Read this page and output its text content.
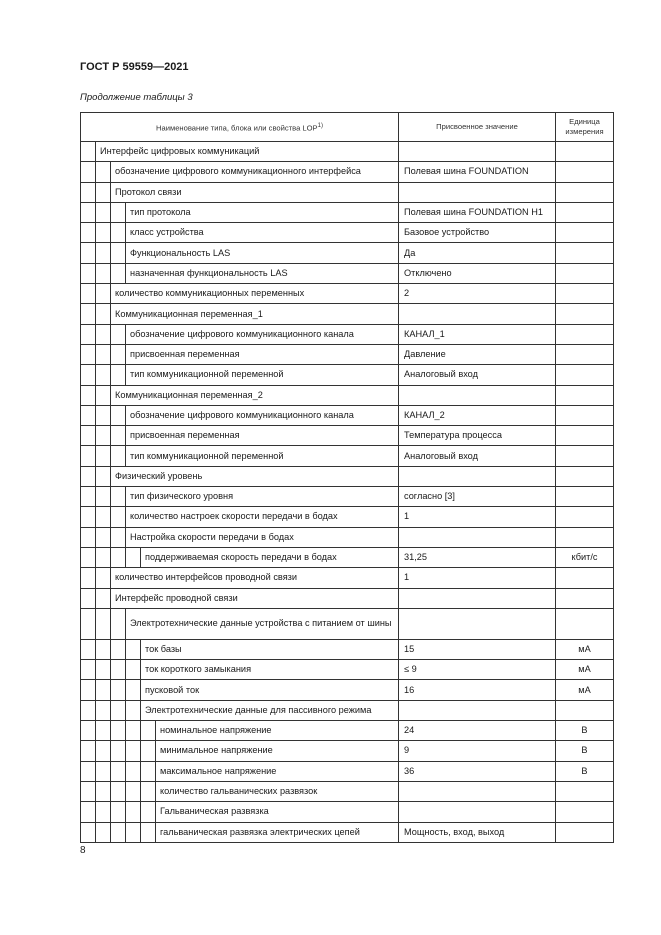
ГОСТ Р 59559—2021

Продолжение таблицы 3

Наименование типа, блока или свойства LOP$^{1)}$						Присвоенное значение	Единица измерения
	Интерфейс цифровых коммуникаций						
		обозначение цифрового коммуникационного интерфейса				Полевая шина FOUNDATION	
		Протокол связи					
			тип протокола			Полевая шина FOUNDATION H1	
			класс устройства			Базовое устройство	
			Функциональность LAS			Да	
			назначенная функциональность LAS			Отключено	
		количество коммуникационных переменных				2	
		Коммуникационная переменная_1					
			обозначение цифрового коммуникационного канала			КАНАЛ_1	
			присвоенная переменная			Давление	
			тип коммуникационной переменной			Аналоговый вход	
		Коммуникационная переменная_2					
			обозначение цифрового коммуникационного канала			КАНАЛ_2	
			присвоенная переменная			Температура процесса	
			тип коммуникационной переменной			Аналоговый вход	
		Физический уровень					
			тип физического уровня			согласно [3]	
			количество настроек скорости передачи в бодах			1	
			Настройка скорости передачи в бодах				
				поддерживаемая скорость передачи в бодах		31,25	кбит/с
		количество интерфейсов проводной связи				1	
		Интерфейс проводной связи					
			Электротехнические данные устройства с питанием от шины				
				ток базы		15	мА
				ток короткого замыкания		≤ 9	мА
				пусковой ток		16	мА
				Электротехнические данные для пассивного режима			
					номинальное напряжение	24	В
					минимальное напряжение	9	В
					максимальное напряжение	36	В
					количество гальванических развязок		
					Гальваническая развязка		
					гальваническая развязка электрических цепей	Мощность, вход, выход	
8
